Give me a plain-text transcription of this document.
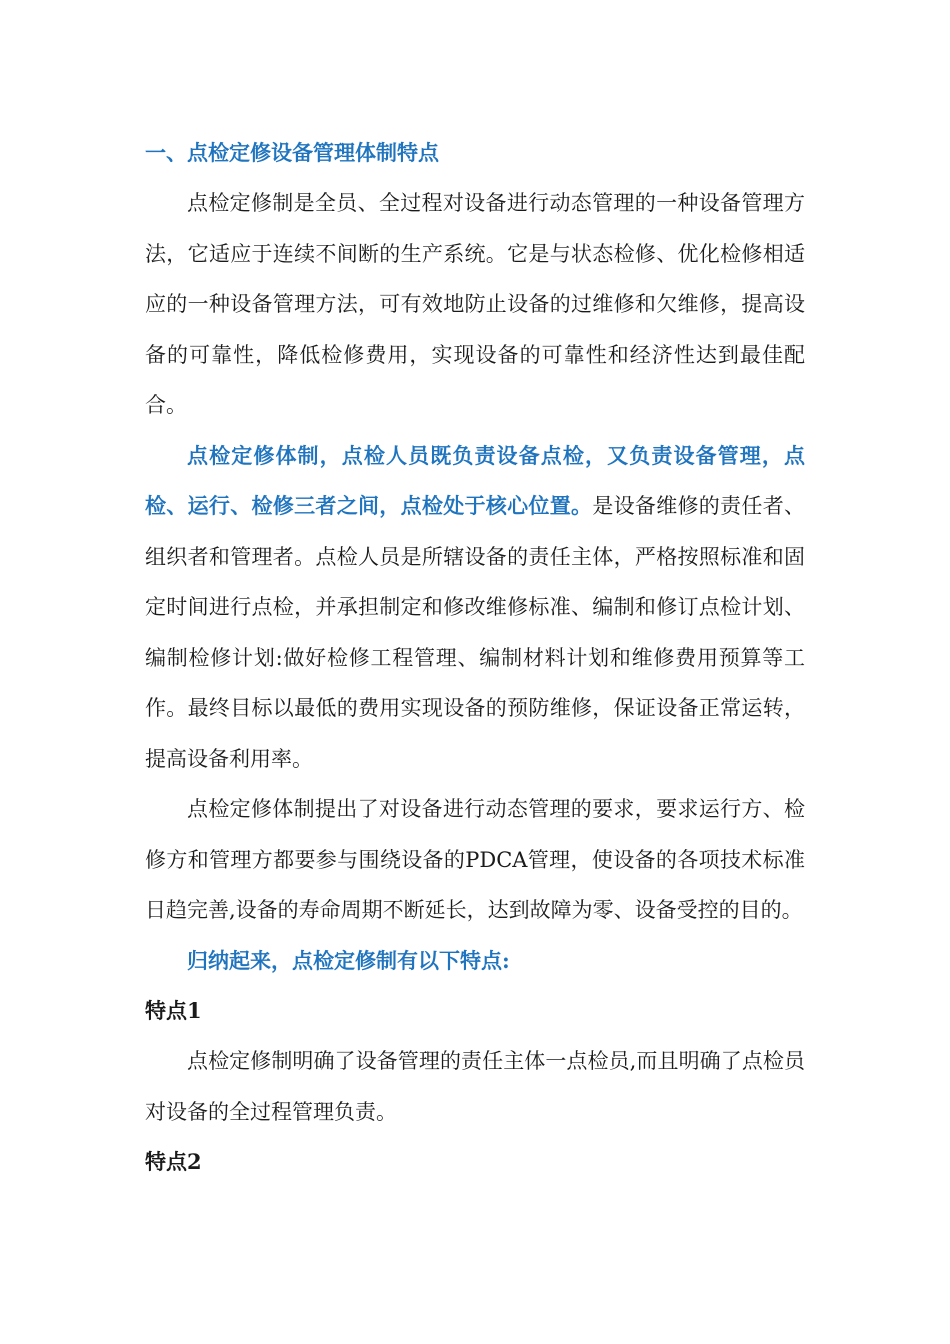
一、点检定修设备管理体制特点

点检定修制是全员、全过程对设备进行动态管理的一种设备管理方法，它适应于连续不间断的生产系统。它是与状态检修、优化检修相适应的一种设备管理方法，可有效地防止设备的过维修和欠维修，提高设备的可靠性，降低检修费用，实现设备的可靠性和经济性达到最佳配合。

点检定修体制，点检人员既负责设备点检，又负责设备管理，点检、运行、检修三者之间，点检处于核心位置。是设备维修的责任者、组织者和管理者。点检人员是所辖设备的责任主体，严格按照标准和固定时间进行点检，并承担制定和修改维修标准、编制和修订点检计划、编制检修计划:做好检修工程管理、编制材料计划和维修费用预算等工作。最终目标以最低的费用实现设备的预防维修，保证设备正常运转，提高设备利用率。

点检定修体制提出了对设备进行动态管理的要求，要求运行方、检修方和管理方都要参与围绕设备的PDCA管理，使设备的各项技术标准日趋完善,设备的寿命周期不断延长，达到故障为零、设备受控的目的。

归纳起来，点检定修制有以下特点:

特点1

点检定修制明确了设备管理的责任主体一点检员,而且明确了点检员对设备的全过程管理负责。

特点2
